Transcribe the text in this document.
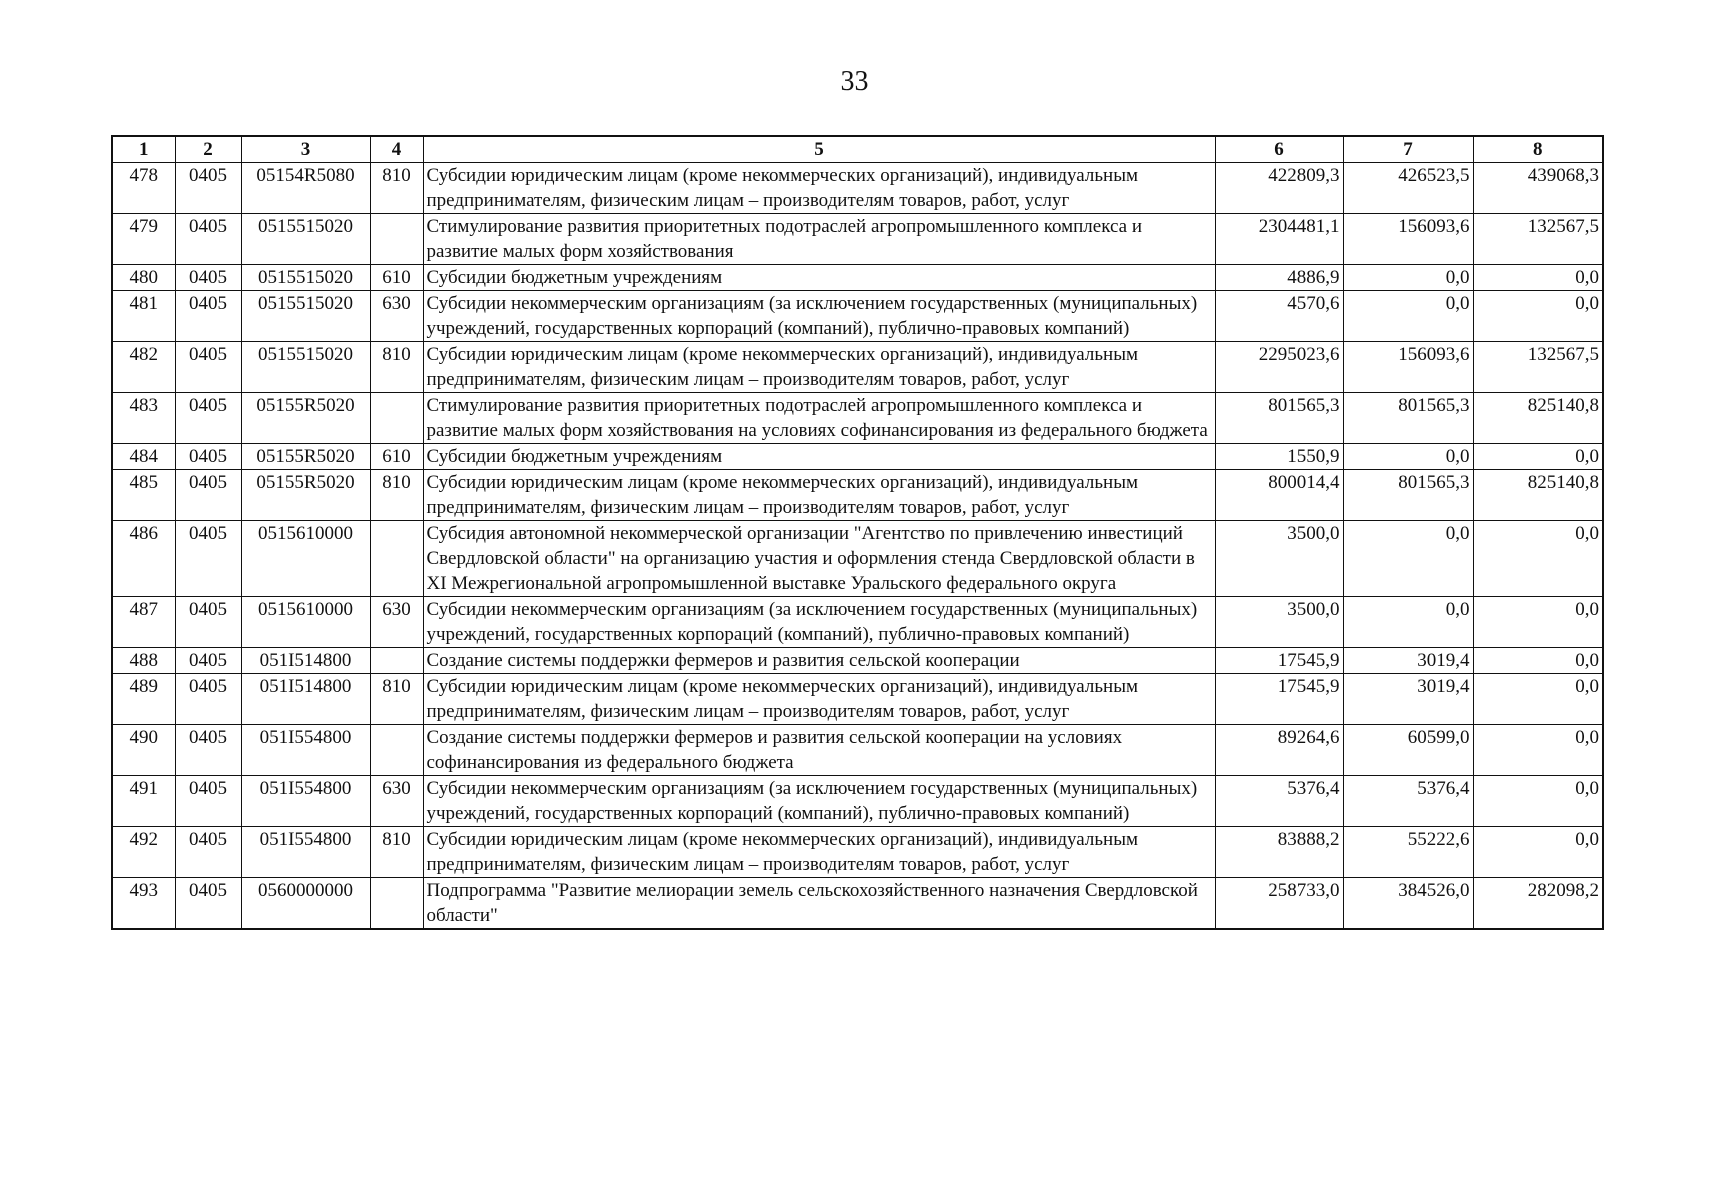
33
1	2	3	4	5	6	7	8
478	0405	05154R5080	810	Субсидии юридическим лицам (кроме некоммерческих организаций), индивидуальным предпринимателям, физическим лицам – производителям товаров, работ, услуг	422809,3	426523,5	439068,3
479	0405	0515515020		Стимулирование развития приоритетных подотраслей агропромышленного комплекса и развитие малых форм хозяйствования	2304481,1	156093,6	132567,5
480	0405	0515515020	610	Субсидии бюджетным учреждениям	4886,9	0,0	0,0
481	0405	0515515020	630	Субсидии некоммерческим организациям (за исключением государственных (муниципальных) учреждений, государственных корпораций (компаний), публично-правовых компаний)	4570,6	0,0	0,0
482	0405	0515515020	810	Субсидии юридическим лицам (кроме некоммерческих организаций), индивидуальным предпринимателям, физическим лицам – производителям товаров, работ, услуг	2295023,6	156093,6	132567,5
483	0405	05155R5020		Стимулирование развития приоритетных подотраслей агропромышленного комплекса и развитие малых форм хозяйствования на условиях софинансирования из федерального бюджета	801565,3	801565,3	825140,8
484	0405	05155R5020	610	Субсидии бюджетным учреждениям	1550,9	0,0	0,0
485	0405	05155R5020	810	Субсидии юридическим лицам (кроме некоммерческих организаций), индивидуальным предпринимателям, физическим лицам – производителям товаров, работ, услуг	800014,4	801565,3	825140,8
486	0405	0515610000		Субсидия автономной некоммерческой организации "Агентство по привлечению инвестиций Свердловской области" на организацию участия и оформления стенда Свердловской области в XI Межрегиональной агропромышленной выставке Уральского федерального округа	3500,0	0,0	0,0
487	0405	0515610000	630	Субсидии некоммерческим организациям (за исключением государственных (муниципальных) учреждений, государственных корпораций (компаний), публично-правовых компаний)	3500,0	0,0	0,0
488	0405	051I514800		Создание системы поддержки фермеров и развития сельской кооперации	17545,9	3019,4	0,0
489	0405	051I514800	810	Субсидии юридическим лицам (кроме некоммерческих организаций), индивидуальным предпринимателям, физическим лицам – производителям товаров, работ, услуг	17545,9	3019,4	0,0
490	0405	051I554800		Создание системы поддержки фермеров и развития сельской кооперации на условиях софинансирования из федерального бюджета	89264,6	60599,0	0,0
491	0405	051I554800	630	Субсидии некоммерческим организациям (за исключением государственных (муниципальных) учреждений, государственных корпораций (компаний), публично-правовых компаний)	5376,4	5376,4	0,0
492	0405	051I554800	810	Субсидии юридическим лицам (кроме некоммерческих организаций), индивидуальным предпринимателям, физическим лицам – производителям товаров, работ, услуг	83888,2	55222,6	0,0
493	0405	0560000000		Подпрограмма "Развитие мелиорации земель сельскохозяйственного назначения Свердловской области"	258733,0	384526,0	282098,2
